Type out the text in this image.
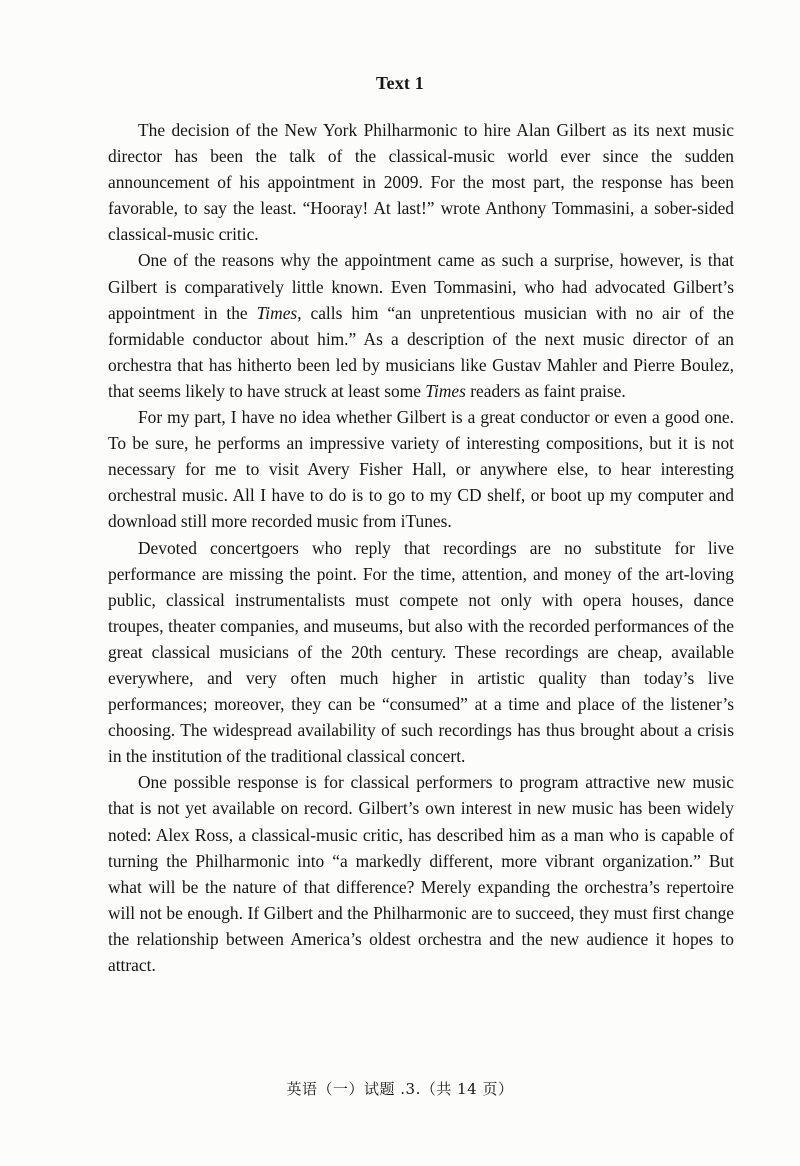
Text 1

The decision of the New York Philharmonic to hire Alan Gilbert as its next music director has been the talk of the classical-music world ever since the sudden announcement of his appointment in 2009. For the most part, the response has been favorable, to say the least. “Hooray! At last!” wrote Anthony Tommasini, a sober-sided classical-music critic.

One of the reasons why the appointment came as such a surprise, however, is that Gilbert is comparatively little known. Even Tommasini, who had advocated Gilbert’s appointment in the Times, calls him “an unpretentious musician with no air of the formidable conductor about him.” As a description of the next music director of an orchestra that has hitherto been led by musicians like Gustav Mahler and Pierre Boulez, that seems likely to have struck at least some Times readers as faint praise.

For my part, I have no idea whether Gilbert is a great conductor or even a good one. To be sure, he performs an impressive variety of interesting compositions, but it is not necessary for me to visit Avery Fisher Hall, or anywhere else, to hear interesting orchestral music. All I have to do is to go to my CD shelf, or boot up my computer and download still more recorded music from iTunes.

Devoted concertgoers who reply that recordings are no substitute for live performance are missing the point. For the time, attention, and money of the art-loving public, classical instrumentalists must compete not only with opera houses, dance troupes, theater companies, and museums, but also with the recorded performances of the great classical musicians of the 20th century. These recordings are cheap, available everywhere, and very often much higher in artistic quality than today’s live performances; moreover, they can be “consumed” at a time and place of the listener’s choosing. The widespread availability of such recordings has thus brought about a crisis in the institution of the traditional classical concert.

One possible response is for classical performers to program attractive new music that is not yet available on record. Gilbert’s own interest in new music has been widely noted: Alex Ross, a classical-music critic, has described him as a man who is capable of turning the Philharmonic into “a markedly different, more vibrant organization.” But what will be the nature of that difference? Merely expanding the orchestra’s repertoire will not be enough. If Gilbert and the Philharmonic are to succeed, they must first change the relationship between America’s oldest orchestra and the new audience it hopes to attract.

英语（一）试题 .3.（共 14 页）
